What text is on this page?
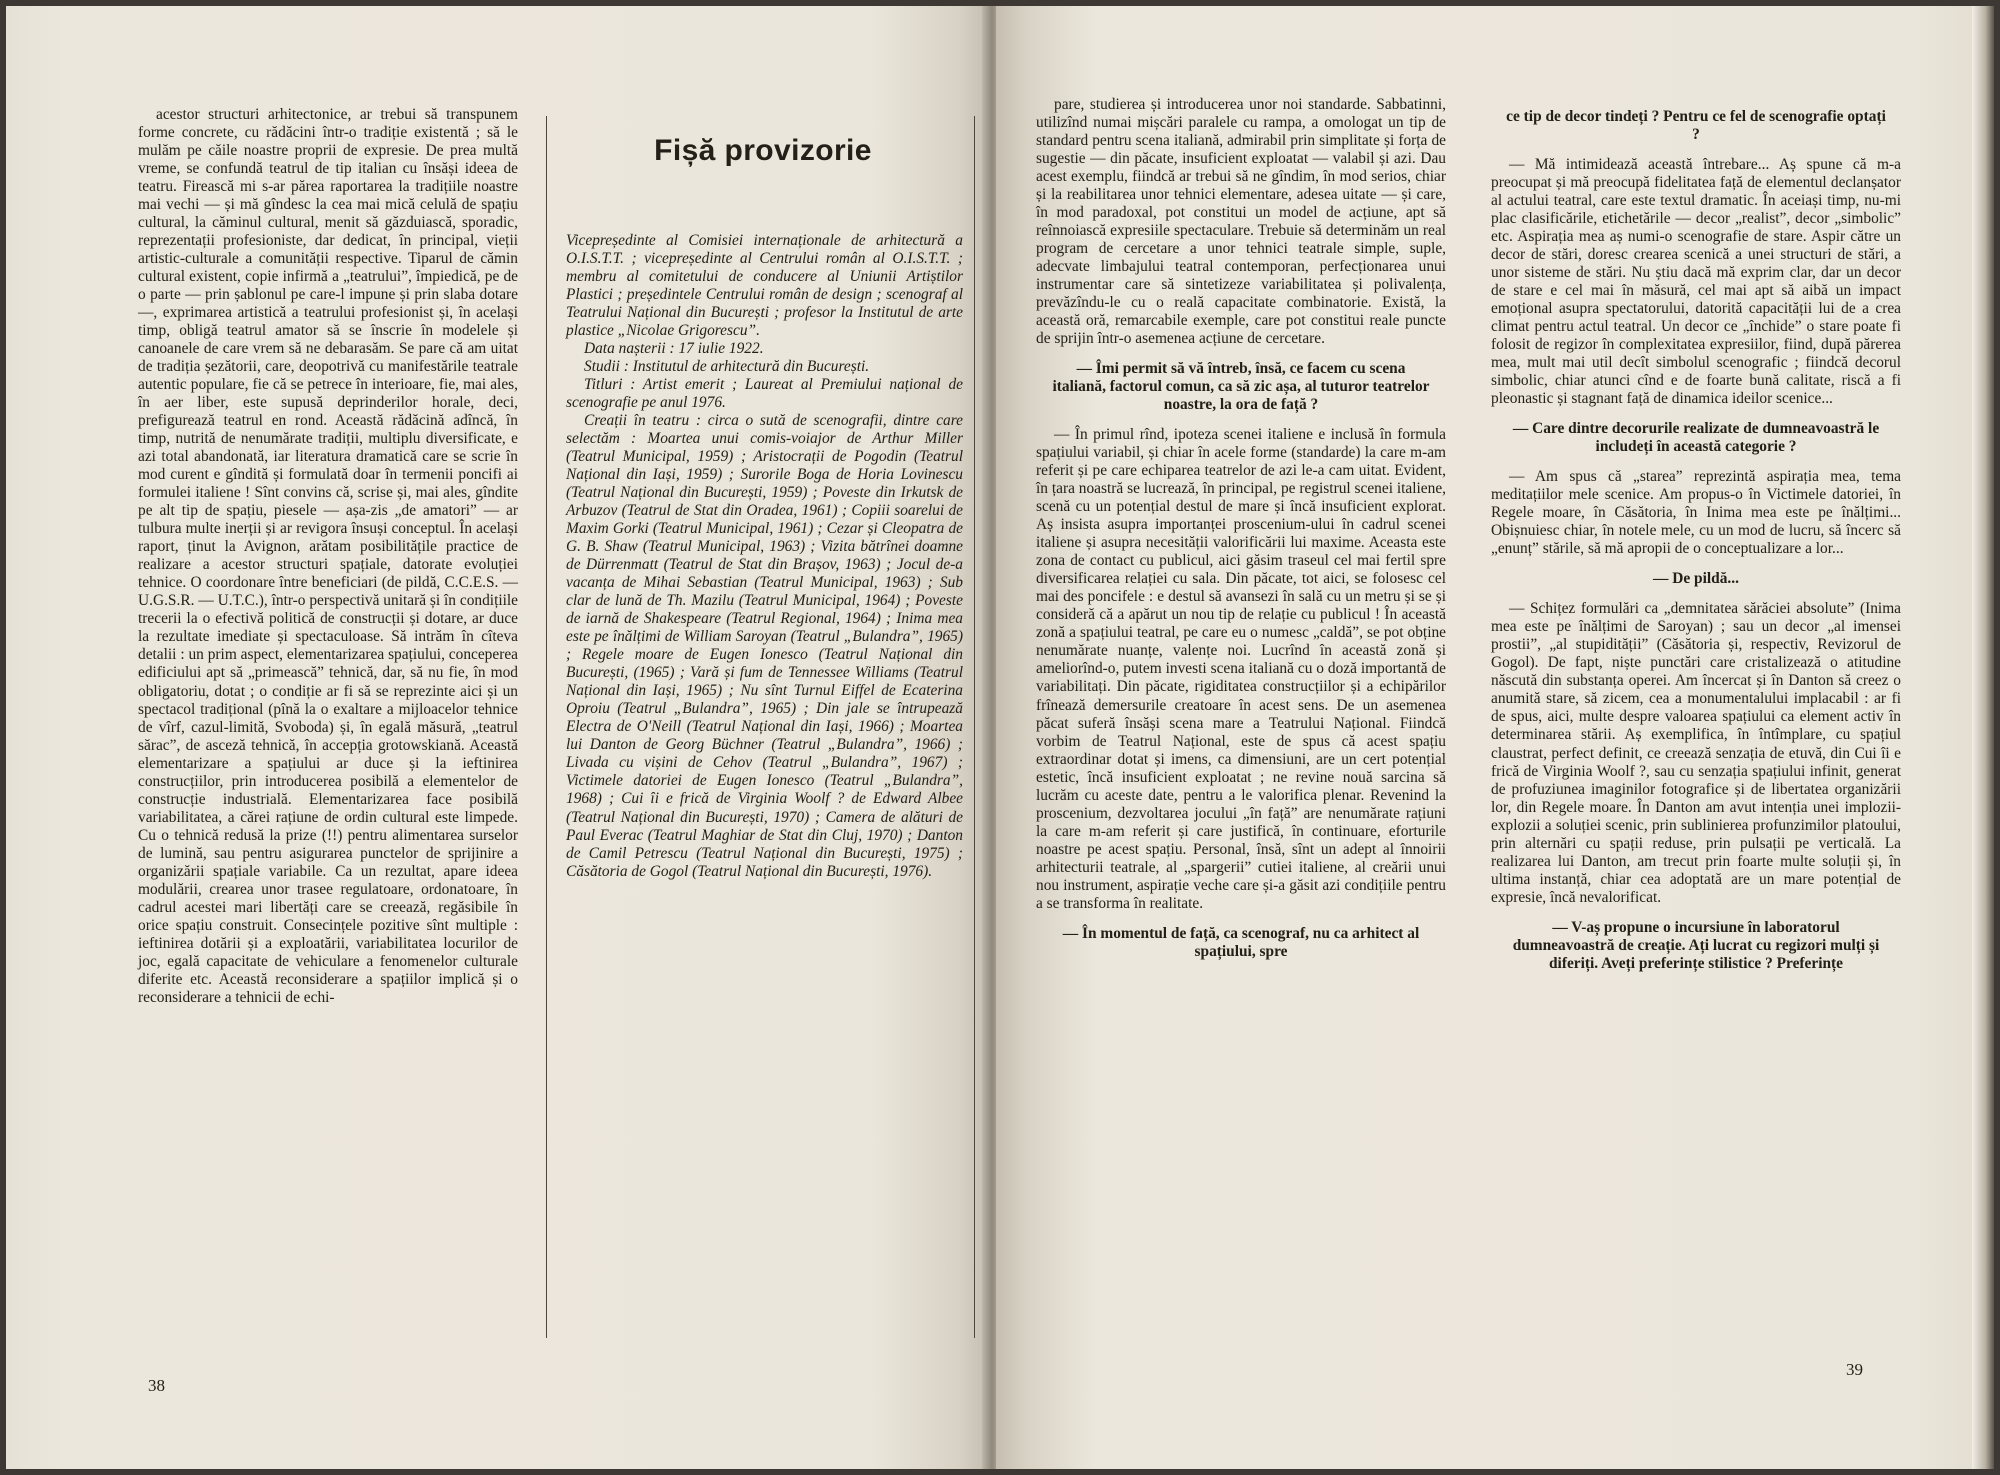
acestor structuri arhitectonice, ar trebui să transpunem forme concrete, cu rădăcini într-o tradiție existentă ; să le mulăm pe căile noastre proprii de expresie. De prea multă vreme, se confundă teatrul de tip italian cu însăși ideea de teatru. Firească mi s-ar părea raportarea la tradițiile noastre mai vechi — și mă gîndesc la cea mai mică celulă de spațiu cultural, la căminul cultural, menit să găzduiască, sporadic, reprezentații profesioniste, dar dedicat, în principal, vieții artistic-culturale a comunității respective. Tiparul de cămin cultural existent, copie infirmă a „teatrului”, împiedică, pe de o parte — prin șablonul pe care-l impune și prin slaba dotare —, exprimarea artistică a teatrului profesionist și, în același timp, obligă teatrul amator să se înscrie în modelele și canoanele de care vrem să ne debarasăm. Se pare că am uitat de tradiția șezătorii, care, deopotrivă cu manifestările teatrale autentic populare, fie că se petrece în interioare, fie, mai ales, în aer liber, este supusă deprinderilor horale, deci, prefigurează teatrul en rond. Această rădăcină adîncă, în timp, nutrită de nenumărate tradiții, multiplu diversificate, e azi total abandonată, iar literatura dramatică care se scrie în mod curent e gîndită și formulată doar în termenii poncifi ai formulei italiene ! Sînt convins că, scrise și, mai ales, gîndite pe alt tip de spațiu, piesele — așa-zis „de amatori” — ar tulbura multe inerții și ar revigora însuși conceptul. În același raport, ținut la Avignon, arătam posibilitățile practice de realizare a acestor structuri spațiale, datorate evoluției tehnice. O coordonare între beneficiari (de pildă, C.C.E.S. — U.G.S.R. — U.T.C.), într-o perspectivă unitară și în condițiile trecerii la o efectivă politică de construcții și dotare, ar duce la rezultate imediate și spectaculoase. Să intrăm în cîteva detalii : un prim aspect, elementarizarea spațiului, conceperea edificiului apt să „primească” tehnică, dar, să nu fie, în mod obligatoriu, dotat ; o condiție ar fi să se reprezinte aici și un spectacol tradițional (pînă la o exaltare a mijloacelor tehnice de vîrf, cazul-limită, Svoboda) și, în egală măsură, „teatrul sărac”, de asceză tehnică, în accepția grotowskiană. Această elementarizare a spațiului ar duce și la ieftinirea construcțiilor, prin introducerea posibilă a elementelor de construcție industrială. Elementarizarea face posibilă variabilitatea, a cărei rațiune de ordin cultural este limpede. Cu o tehnică redusă la prize (!!) pentru alimentarea surselor de lumină, sau pentru asigurarea punctelor de sprijinire a organizării spațiale variabile. Ca un rezultat, apare ideea modulării, crearea unor trasee regulatoare, ordonatoare, în cadrul acestei mari libertăți care se creează, regăsibile în orice spațiu construit. Consecințele pozitive sînt multiple : ieftinirea dotării și a exploatării, variabilitatea locurilor de joc, egală capacitate de vehiculare a fenomenelor culturale diferite etc. Această reconsiderare a spațiilor implică și o reconsiderare a tehnicii de echi-

Fișă provizorie

Vicepreședinte al Comisiei internaționale de arhitectură a O.I.S.T.T. ; vicepreședinte al Centrului român al O.I.S.T.T. ; membru al comitetului de conducere al Uniunii Artiștilor Plastici ; președintele Centrului român de design ; scenograf al Teatrului Național din București ; profesor la Institutul de arte plastice „Nicolae Grigorescu”.

Data nașterii : 17 iulie 1922.

Studii : Institutul de arhitectură din București.

Titluri : Artist emerit ; Laureat al Premiului național de scenografie pe anul 1976.

Creații în teatru : circa o sută de scenografii, dintre care selectăm : Moartea unui comis-voiajor de Arthur Miller (Teatrul Municipal, 1959) ; Aristocrații de Pogodin (Teatrul Național din Iași, 1959) ; Surorile Boga de Horia Lovinescu (Teatrul Național din București, 1959) ; Poveste din Irkutsk de Arbuzov (Teatrul de Stat din Oradea, 1961) ; Copiii soarelui de Maxim Gorki (Teatrul Municipal, 1961) ; Cezar și Cleopatra de G. B. Shaw (Teatrul Municipal, 1963) ; Vizita bătrînei doamne de Dürrenmatt (Teatrul de Stat din Brașov, 1963) ; Jocul de-a vacanța de Mihai Sebastian (Teatrul Municipal, 1963) ; Sub clar de lună de Th. Mazilu (Teatrul Municipal, 1964) ; Poveste de iarnă de Shakespeare (Teatrul Regional, 1964) ; Inima mea este pe înălțimi de William Saroyan (Teatrul „Bulandra”, 1965) ; Regele moare de Eugen Ionesco (Teatrul Național din București, (1965) ; Vară și fum de Tennessee Williams (Teatrul Național din Iași, 1965) ; Nu sînt Turnul Eiffel de Ecaterina Oproiu (Teatrul „Bulandra”, 1965) ; Din jale se întrupează Electra de O'Neill (Teatrul Național din Iași, 1966) ; Moartea lui Danton de Georg Büchner (Teatrul „Bulandra”, 1966) ; Livada cu vișini de Cehov (Teatrul „Bulandra”, 1967) ; Victimele datoriei de Eugen Ionesco (Teatrul „Bulandra”, 1968) ; Cui îi e frică de Virginia Woolf ? de Edward Albee (Teatrul Național din București, 1970) ; Camera de alături de Paul Everac (Teatrul Maghiar de Stat din Cluj, 1970) ; Danton de Camil Petrescu (Teatrul Național din București, 1975) ; Căsătoria de Gogol (Teatrul Național din București, 1976).

38

pare, studierea și introducerea unor noi standarde. Sabbatinni, utilizînd numai mișcări paralele cu rampa, a omologat un tip de standard pentru scena italiană, admirabil prin simplitate și forța de sugestie — din păcate, insuficient exploatat — valabil și azi. Dau acest exemplu, fiindcă ar trebui să ne gîndim, în mod serios, chiar și la reabilitarea unor tehnici elementare, adesea uitate — și care, în mod paradoxal, pot constitui un model de acțiune, apt să reînnoiască expresiile spectaculare. Trebuie să determinăm un real program de cercetare a unor tehnici teatrale simple, suple, adecvate limbajului teatral contemporan, perfecționarea unui instrumentar care să sintetizeze variabilitatea și polivalența, prevăzîndu-le cu o reală capacitate combinatorie. Există, la această oră, remarcabile exemple, care pot constitui reale puncte de sprijin într-o asemenea acțiune de cercetare.

— Îmi permit să vă întreb, însă, ce facem cu scena italiană, factorul comun, ca să zic așa, al tuturor teatrelor noastre, la ora de față ?

— În primul rînd, ipoteza scenei italiene e inclusă în formula spațiului variabil, și chiar în acele forme (standarde) la care m-am referit și pe care echiparea teatrelor de azi le-a cam uitat. Evident, în țara noastră se lucrează, în principal, pe registrul scenei italiene, scenă cu un potențial destul de mare și încă insuficient explorat. Aș insista asupra importanței proscenium-ului în cadrul scenei italiene și asupra necesității valorificării lui maxime. Aceasta este zona de contact cu publicul, aici găsim traseul cel mai fertil spre diversificarea relației cu sala. Din păcate, tot aici, se folosesc cel mai des poncifele : e destul să avansezi în sală cu un metru și se și consideră că a apărut un nou tip de relație cu publicul ! În această zonă a spațiului teatral, pe care eu o numesc „caldă”, se pot obține nenumărate nuanțe, valențe noi. Lucrînd în această zonă și ameliorînd-o, putem investi scena italiană cu o doză importantă de variabilitați. Din păcate, rigiditatea construcțiilor și a echipărilor frînează demersurile creatoare în acest sens. De un asemenea păcat suferă însăși scena mare a Teatrului Național. Fiindcă vorbim de Teatrul Național, este de spus că acest spațiu extraordinar dotat și imens, ca dimensiuni, are un cert potențial estetic, încă insuficient exploatat ; ne revine nouă sarcina să lucrăm cu aceste date, pentru a le valorifica plenar. Revenind la proscenium, dezvoltarea jocului „în față” are nenumărate rațiuni la care m-am referit și care justifică, în continuare, eforturile noastre pe acest spațiu. Personal, însă, sînt un adept al înnoirii arhitecturii teatrale, al „spargerii” cutiei italiene, al creării unui nou instrument, aspirație veche care și-a găsit azi condițiile pentru a se transforma în realitate.

— În momentul de față, ca scenograf, nu ca arhitect al spațiului, spre

ce tip de decor tindeți ? Pentru ce fel de scenografie optați ?

— Mă intimidează această întrebare... Aș spune că m-a preocupat și mă preocupă fidelitatea față de elementul declanșator al actului teatral, care este textul dramatic. În aceiași timp, nu-mi plac clasificările, etichetările — decor „realist”, decor „simbolic” etc. Aspirația mea aș numi-o scenografie de stare. Aspir către un decor de stări, doresc crearea scenică a unei structuri de stări, a unor sisteme de stări. Nu știu dacă mă exprim clar, dar un decor de stare e cel mai în măsură, cel mai apt să aibă un impact emoțional asupra spectatorului, datorită capacității lui de a crea climat pentru actul teatral. Un decor ce „închide” o stare poate fi folosit de regizor în complexitatea expresiilor, fiind, după părerea mea, mult mai util decît simbolul scenografic ; fiindcă decorul simbolic, chiar atunci cînd e de foarte bună calitate, riscă a fi pleonastic și stagnant față de dinamica ideilor scenice...

— Care dintre decorurile realizate de dumneavoastră le includeți în această categorie ?

— Am spus că „starea” reprezintă aspirația mea, tema meditațiilor mele scenice. Am propus-o în Victimele datoriei, în Regele moare, în Căsătoria, în Inima mea este pe înălțimi... Obișnuiesc chiar, în notele mele, cu un mod de lucru, să încerc să „enunț” stările, să mă apropii de o conceptualizare a lor...

— De pildă...

— Schițez formulări ca „demnitatea sărăciei absolute” (Inima mea este pe înălțimi de Saroyan) ; sau un decor „al imensei prostii”, „al stupidității” (Căsătoria și, respectiv, Revizorul de Gogol). De fapt, niște punctări care cristalizează o atitudine născută din substanța operei. Am încercat și în Danton să creez o anumită stare, să zicem, cea a monumentalului implacabil : ar fi de spus, aici, multe despre valoarea spațiului ca element activ în determinarea stării. Aș exemplifica, în întîmplare, cu spațiul claustrat, perfect definit, ce creează senzația de etuvă, din Cui îi e frică de Virginia Woolf ?, sau cu senzația spațiului infinit, generat de profuziunea imaginilor fotografice și de libertatea organizării lor, din Regele moare. În Danton am avut intenția unei implozii-explozii a soluției scenic, prin sublinierea profunzimilor platoului, prin alternări cu spații reduse, prin pulsații pe verticală. La realizarea lui Danton, am trecut prin foarte multe soluții și, în ultima instanță, chiar cea adoptată are un mare potențial de expresie, încă nevalorificat.

— V-aș propune o incursiune în laboratorul dumneavoastră de creație. Ați lucrat cu regizori mulți și diferiți. Aveți preferințe stilistice ? Preferințe

39
